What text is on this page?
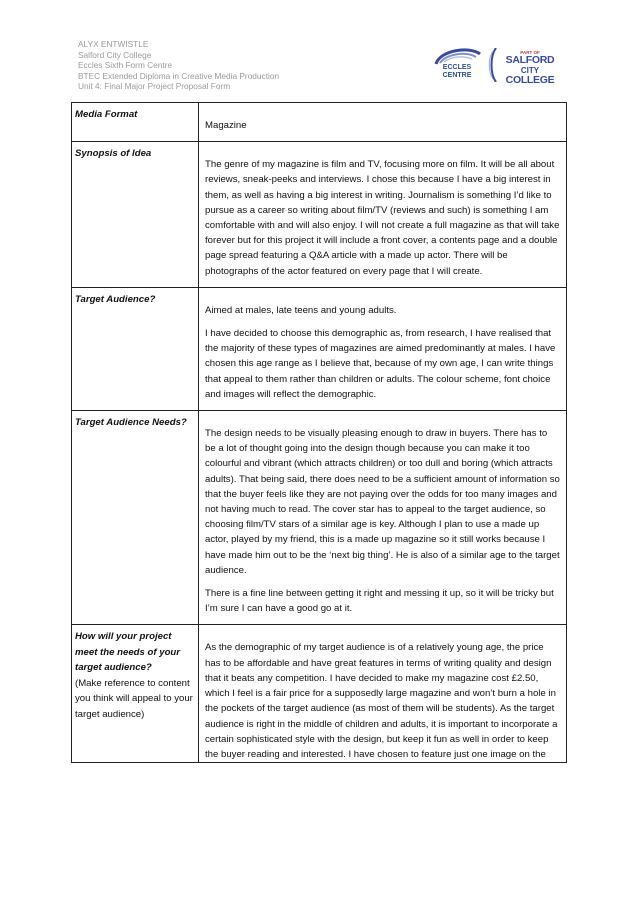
ALYX ENTWISTLE
Salford City College
Eccles Sixth Form Centre
BTEC Extended Diploma in Creative Media Production
Unit 4: Final Major Project Proposal Form
ECCLES
CENTRE
PART OF
SALFORD
CITY
COLLEGE
Media Format	Magazine

Synopsis of Idea	The genre of my magazine is film and TV, focusing more on film. It will be all about reviews, sneak-peeks and interviews. I chose this because I have a big interest in them, as well as having a big interest in writing. Journalism is something I’d like to pursue as a career so writing about film/TV (reviews and such) is something I am comfortable with and will also enjoy. I will not create a full magazine as that will take forever but for this project it will include a front cover, a contents page and a double page spread featuring a Q&A article with a made up actor. There will be photographs of the actor featured on every page that I will create.

Target Audience?	Aimed at males, late teens and young adults.

I have decided to choose this demographic as, from research, I have realised that the majority of these types of magazines are aimed predominantly at males. I have chosen this age range as I believe that, because of my own age, I can write things that appeal to them rather than children or adults. The colour scheme, font choice and images will reflect the demographic.

Target Audience Needs?	The design needs to be visually pleasing enough to draw in buyers. There has to be a lot of thought going into the design though because you can make it too colourful and vibrant (which attracts children) or too dull and boring (which attracts adults). That being said, there does need to be a sufficient amount of information so that the buyer feels like they are not paying over the odds for too many images and not having much to read. The cover star has to appeal to the target audience, so choosing film/TV stars of a similar age is key. Although I plan to use a made up actor, played by my friend, this is a made up magazine so it still works because I have made him out to be the ‘next big thing’. He is also of a similar age to the target audience.

There is a fine line between getting it right and messing it up, so it will be tricky but I’m sure I can have a good go at it.

How will your project meet the needs of your target audience?
(Make reference to content you think will appeal to your target audience)	As the demographic of my target audience is of a relatively young age, the price has to be affordable and have great features in terms of writing quality and design that it beats any competition. I have decided to make my magazine cost £2.50, which I feel is a fair price for a supposedly large magazine and won’t burn a hole in the pockets of the target audience (as most of them will be students). As the target audience is right in the middle of children and adults, it is important to incorporate a certain sophisticated style with the design, but keep it fun as well in order to keep the buyer reading and interested. I have chosen to feature just one image on the
